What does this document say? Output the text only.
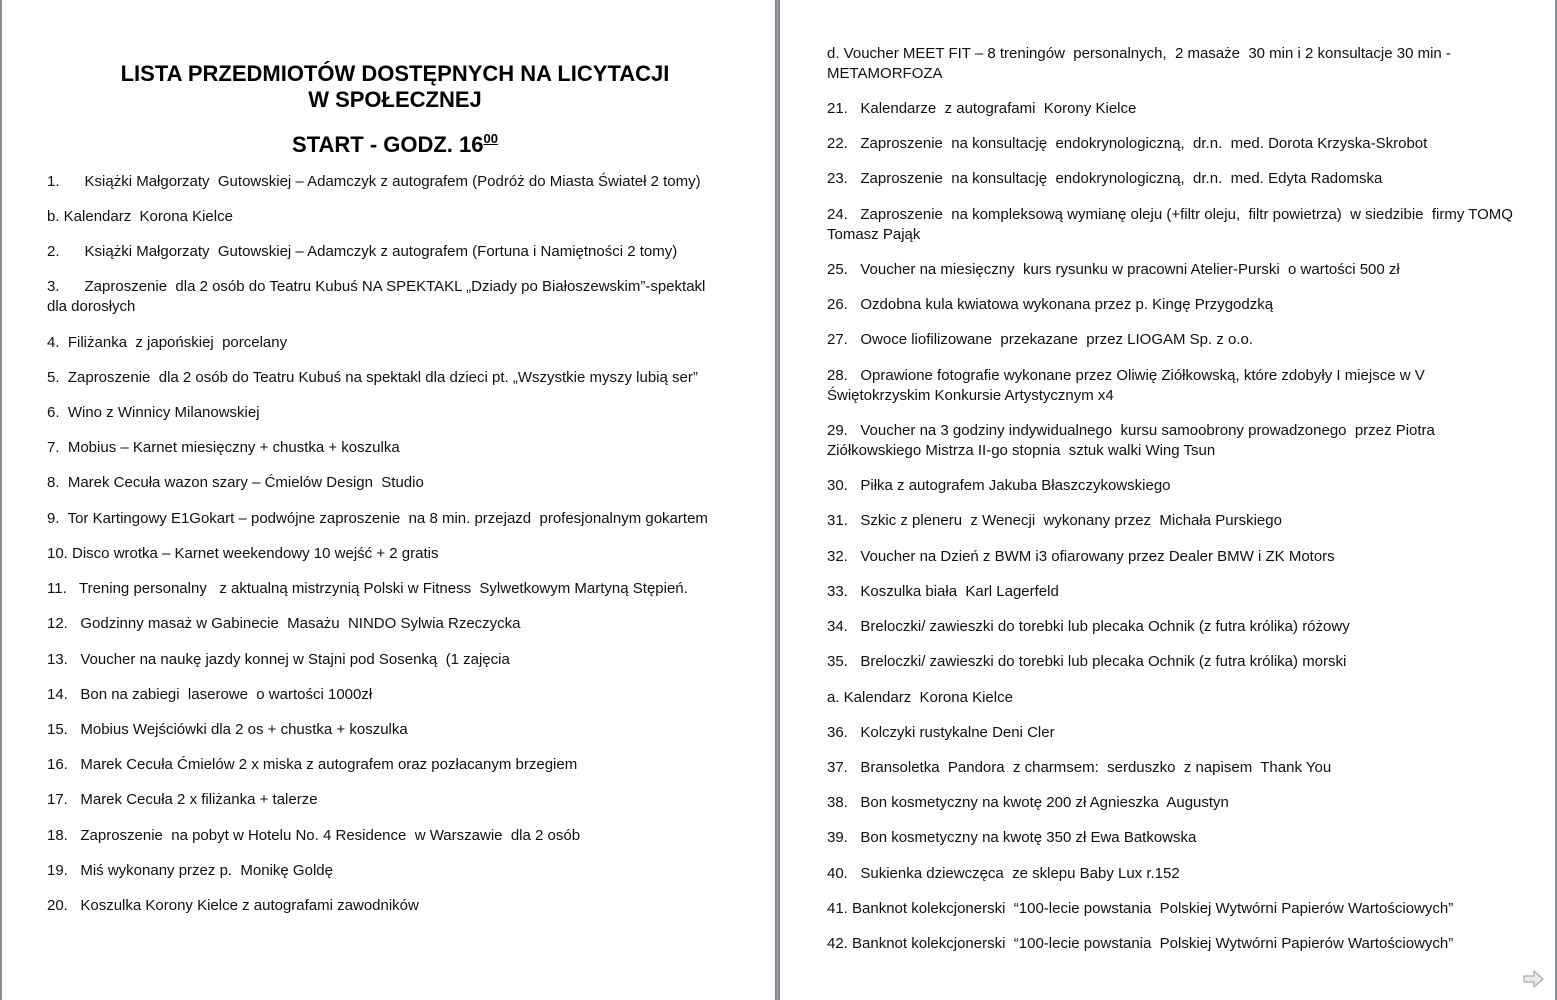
LISTA PRZEDMIOTÓW DOSTĘPNYCH NA LICYTACJI
W SPOŁECZNEJ
START - GODZ. $16^{00}$
1.      Książki Małgorzaty  Gutowskiej – Adamczyk z autografem (Podróż do Miasta Świateł 2 tomy)
b. Kalendarz  Korona Kielce
2.      Książki Małgorzaty  Gutowskiej – Adamczyk z autografem (Fortuna i Namiętności 2 tomy)
3.      Zaproszenie  dla 2 osób do Teatru Kubuś NA SPEKTAKL „Dziady po Białoszewskim”-spektakl
dla dorosłych
4.  Filiżanka  z japońskiej  porcelany
5.  Zaproszenie  dla 2 osób do Teatru Kubuś na spektakl dla dzieci pt. „Wszystkie myszy lubią ser”
6.  Wino z Winnicy Milanowskiej
7.  Mobius – Karnet miesięczny + chustka + koszulka
8.  Marek Cecuła wazon szary – Ćmielów Design  Studio
9.  Tor Kartingowy E1Gokart – podwójne zaproszenie  na 8 min. przejazd  profesjonalnym gokartem
10. Disco wrotka – Karnet weekendowy 10 wejść + 2 gratis
11.   Trening personalny   z aktualną mistrzynią Polski w Fitness  Sylwetkowym Martyną Stępień.
12.   Godzinny masaż w Gabinecie  Masażu  NINDO Sylwia Rzeczycka
13.   Voucher na naukę jazdy konnej w Stajni pod Sosenką  (1 zajęcia
14.   Bon na zabiegi  laserowe  o wartości 1000zł
15.   Mobius Wejściówki dla 2 os + chustka + koszulka
16.   Marek Cecuła Ćmielów 2 x miska z autografem oraz pozłacanym brzegiem
17.   Marek Cecuła 2 x filiżanka + talerze
18.   Zaproszenie  na pobyt w Hotelu No. 4 Residence  w Warszawie  dla 2 osób
19.   Miś wykonany przez p.  Monikę Goldę
20.   Koszulka Korony Kielce z autografami zawodników
d. Voucher MEET FIT – 8 treningów  personalnych,  2 masaże  30 min i 2 konsultacje 30 min -
METAMORFOZA
21.   Kalendarze  z autografami  Korony Kielce
22.   Zaproszenie  na konsultację  endokrynologiczną,  dr.n.  med. Dorota Krzyska-Skrobot
23.   Zaproszenie  na konsultację  endokrynologiczną,  dr.n.  med. Edyta Radomska
24.   Zaproszenie  na kompleksową wymianę oleju (+filtr oleju,  filtr powietrza)  w siedzibie  firmy TOMQ
Tomasz Pająk
25.   Voucher na miesięczny  kurs rysunku w pracowni Atelier-Purski  o wartości 500 zł
26.   Ozdobna kula kwiatowa wykonana przez p. Kingę Przygodzką
27.   Owoce liofilizowane  przekazane  przez LIOGAM Sp. z o.o.
28.   Oprawione fotografie wykonane przez Oliwię Ziółkowską, które zdobyły I miejsce w V
Świętokrzyskim Konkursie Artystycznym x4
29.   Voucher na 3 godziny indywidualnego  kursu samoobrony prowadzonego  przez Piotra
Ziółkowskiego Mistrza II-go stopnia  sztuk walki Wing Tsun
30.   Piłka z autografem Jakuba Błaszczykowskiego
31.   Szkic z pleneru  z Wenecji  wykonany przez  Michała Purskiego
32.   Voucher na Dzień z BWM i3 ofiarowany przez Dealer BMW i ZK Motors
33.   Koszulka biała  Karl Lagerfeld
34.   Breloczki/ zawieszki do torebki lub plecaka Ochnik (z futra królika) różowy
35.   Breloczki/ zawieszki do torebki lub plecaka Ochnik (z futra królika) morski
a. Kalendarz  Korona Kielce
36.   Kolczyki rustykalne Deni Cler
37.   Bransoletka  Pandora  z charmsem:  serduszko  z napisem  Thank You
38.   Bon kosmetyczny na kwotę 200 zł Agnieszka  Augustyn
39.   Bon kosmetyczny na kwotę 350 zł Ewa Batkowska
40.   Sukienka dziewczęca  ze sklepu Baby Lux r.152
41. Banknot kolekcjonerski  “100-lecie powstania  Polskiej Wytwórni Papierów Wartościowych”
42. Banknot kolekcjonerski  “100-lecie powstania  Polskiej Wytwórni Papierów Wartościowych”
